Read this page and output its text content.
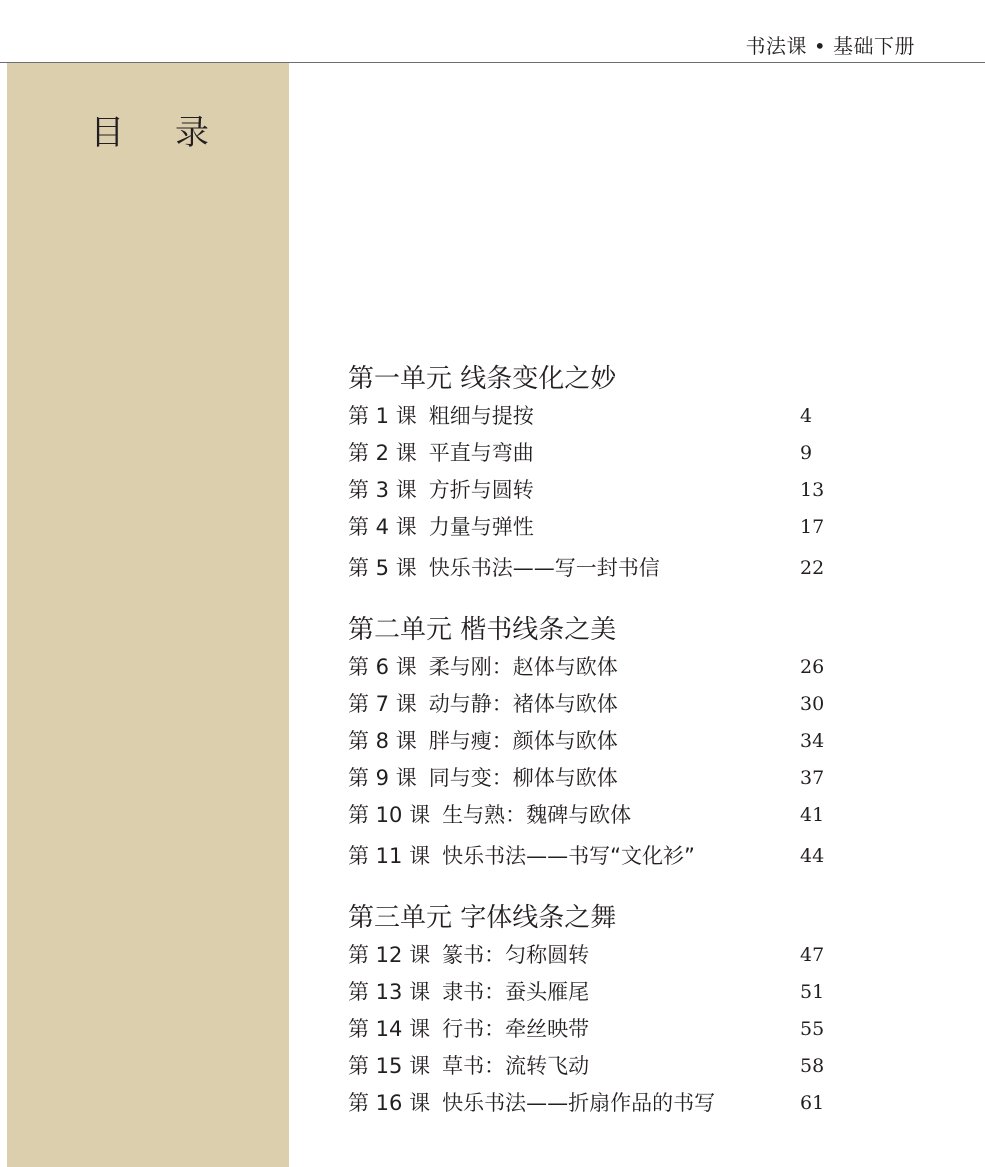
书法课 • 基础下册
目 录
第一单元 线条变化之妙
第 1 课 粗细与提按	4
第 2 课 平直与弯曲	9
第 3 课 方折与圆转	13
第 4 课 力量与弹性	17
第 5 课 快乐书法——写一封书信	22
第二单元 楷书线条之美
第 6 课 柔与刚：赵体与欧体	26
第 7 课 动与静：褚体与欧体	30
第 8 课 胖与瘦：颜体与欧体	34
第 9 课 同与变：柳体与欧体	37
第 10 课 生与熟：魏碑与欧体	41
第 11 课 快乐书法——书写“文化衫”	44
第三单元 字体线条之舞
第 12 课 篆书：匀称圆转	47
第 13 课 隶书：蚕头雁尾	51
第 14 课 行书：牵丝映带	55
第 15 课 草书：流转飞动	58
第 16 课 快乐书法——折扇作品的书写	61
